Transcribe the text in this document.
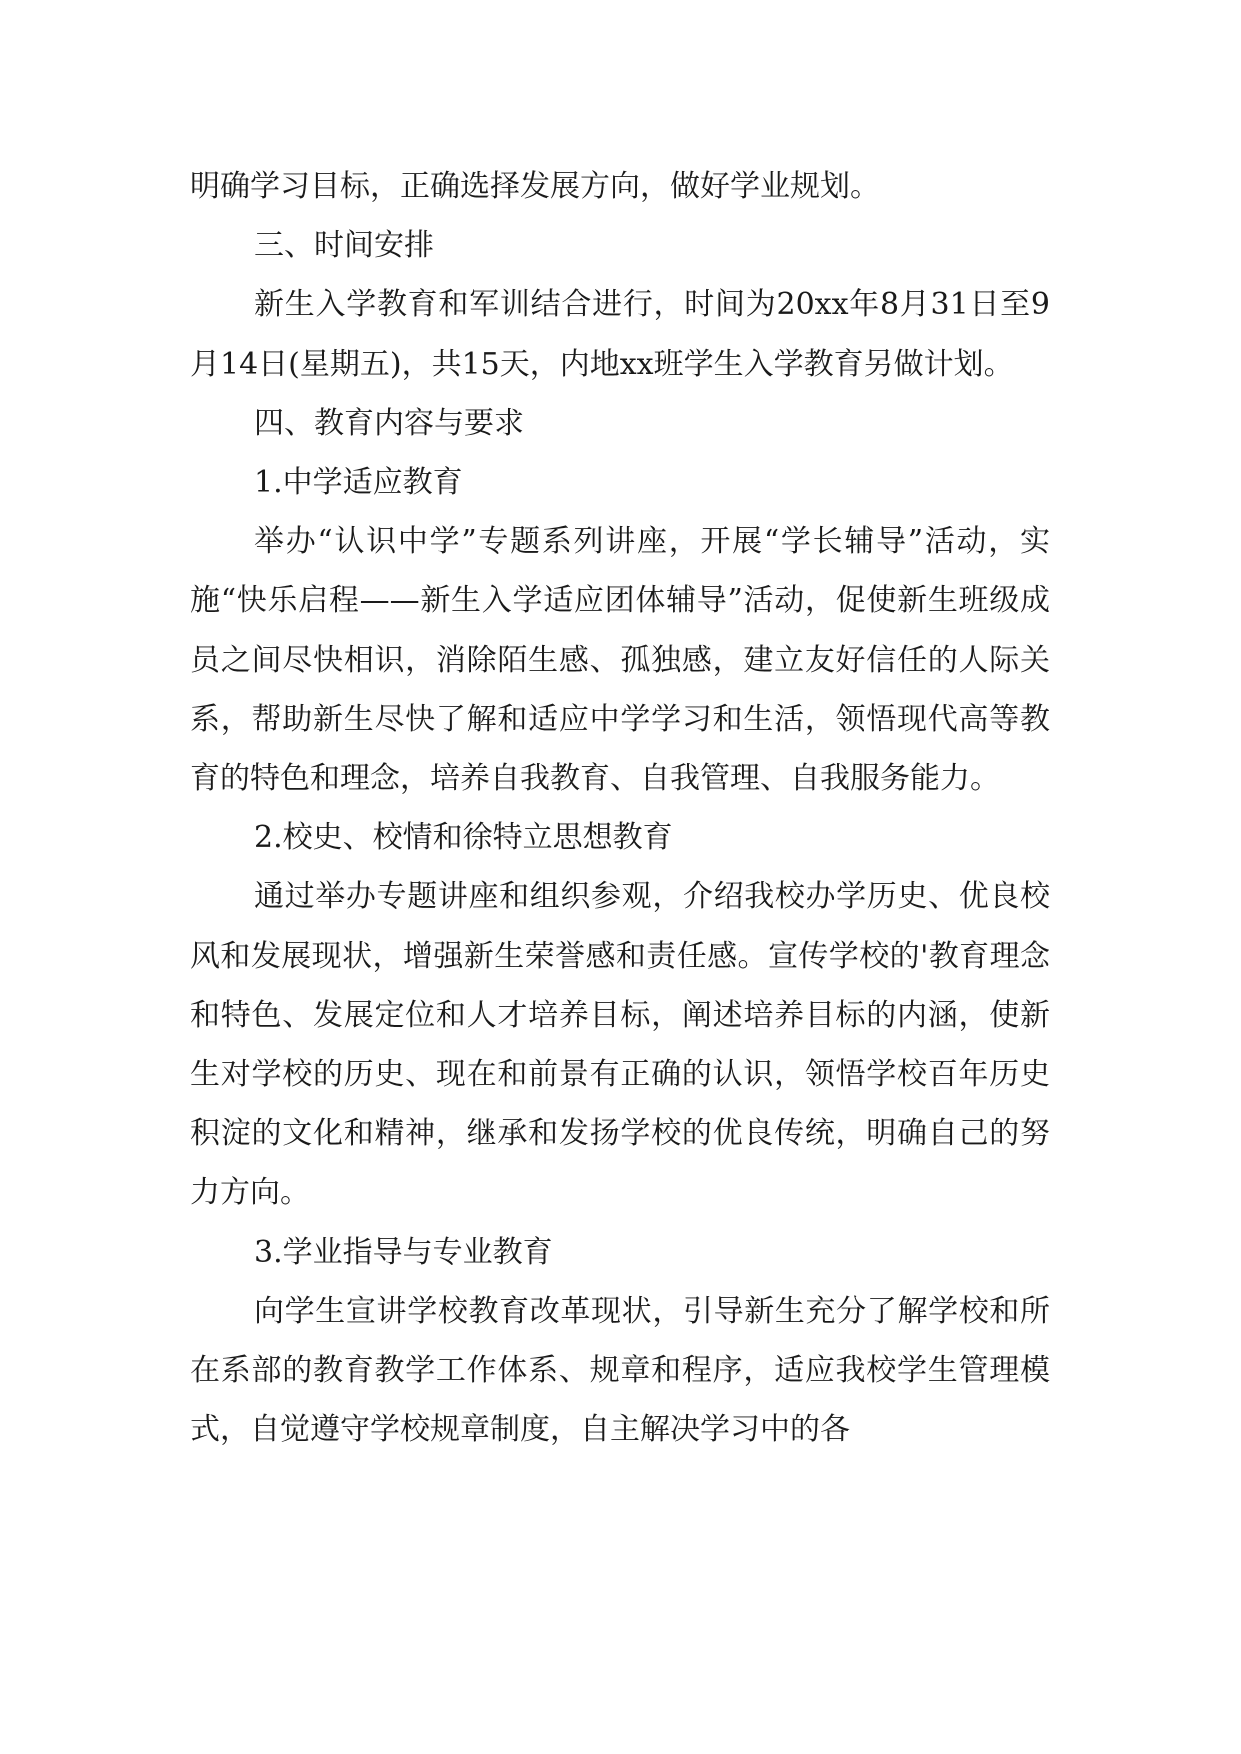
明确学习目标，正确选择发展方向，做好学业规划。

三、时间安排

新生入学教育和军训结合进行，时间为20xx年8月31日至9月14日(星期五)，共15天，内地xx班学生入学教育另做计划。

四、教育内容与要求

1.中学适应教育

举办“认识中学”专题系列讲座，开展“学长辅导”活动，实施“快乐启程——新生入学适应团体辅导”活动，促使新生班级成员之间尽快相识，消除陌生感、孤独感，建立友好信任的人际关系，帮助新生尽快了解和适应中学学习和生活，领悟现代高等教育的特色和理念，培养自我教育、自我管理、自我服务能力。

2.校史、校情和徐特立思想教育

通过举办专题讲座和组织参观，介绍我校办学历史、优良校风和发展现状，增强新生荣誉感和责任感。宣传学校的'教育理念和特色、发展定位和人才培养目标，阐述培养目标的内涵，使新生对学校的历史、现在和前景有正确的认识，领悟学校百年历史积淀的文化和精神，继承和发扬学校的优良传统，明确自己的努力方向。

3.学业指导与专业教育

向学生宣讲学校教育改革现状，引导新生充分了解学校和所在系部的教育教学工作体系、规章和程序，适应我校学生管理模式，自觉遵守学校规章制度，自主解决学习中的各
